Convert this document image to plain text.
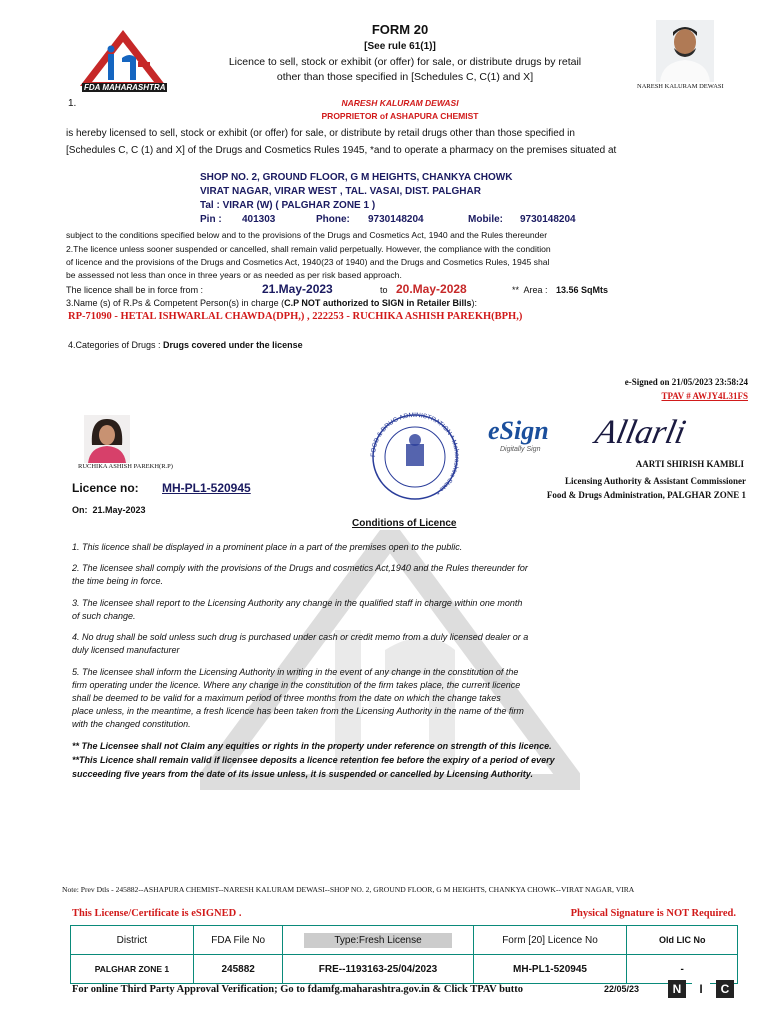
FDA MAHARASHTRA
FORM 20
[See rule 61(1)]
Licence to sell, stock or exhibit (or offer) for sale, or distribute drugs by retail
other than those specified in [Schedules C, C(1) and X]
NARESH KALURAM DEWASI
1.	NARESH KALURAM DEWASI
PROPRIETOR of ASHAPURA CHEMIST
is hereby licensed to sell, stock or exhibit (or offer) for sale, or distribute by retail drugs other than those specified in
[Schedules C, C (1) and X] of the Drugs and Cosmetics Rules 1945, *and to operate a pharmacy on the premises situated at
SHOP NO. 2, GROUND FLOOR, G M HEIGHTS, CHANKYA CHOWK
VIRAT NAGAR, VIRAR WEST , TAL. VASAI, DIST. PALGHAR
Tal : VIRAR (W) ( PALGHAR ZONE 1 )
Pin : 401303	Phone: 9730148204	Mobile: 9730148204
subject to the conditions specified below and to the provisions of the Drugs and Cosmetics Act, 1940 and the Rules thereunder
2.The licence unless sooner suspended or cancelled, shall remain valid perpetually. However, the compliance with the condition
of licence and the provisions of the Drugs and Cosmetics Act, 1940(23 of 1940) and the Drugs and Cosmetics Rules, 1945 shal
be assessed not less than once in three years or as needed as per risk based approach.
The licence shall be in force from :	21.May-2023	to 20.May-2028	**  Area : 13.56 SqMts
3.Name (s) of R.Ps & Competent Person(s) in charge (C.P NOT authorized to SIGN in Retailer Bills):
RP-71090 - HETAL ISHWARLAL CHAWDA(DPH,) , 222253 - RUCHIKA ASHISH PAREKH(BPH,)
4.Categories of Drugs : Drugs covered under the license
e-Signed on 21/05/2023 23:58:24
TPAV # AWJY4L31FS
RUCHIKA ASHISH PAREKH(R.P)
FOOD & DRUG ADMINISTRATION * Maharashtra State *
eSign
Digitally Sign Allarli
AARTI SHIRISH KAMBLI
Licensing Authority & Assistant Commissioner
Food & Drugs Administration, PALGHAR ZONE 1
Licence no: MH-PL1-520945
On: 21.May-2023
Conditions of Licence
1. This licence shall be displayed in a prominent place in a part of the premises open to the public.
2. The licensee shall comply with the provisions of the Drugs and cosmetics Act,1940 and the Rules thereunder for
the time being in force.
3. The licensee shall report to the Licensing Authority any change in the qualified staff in charge within one month
of such change.
4. No drug shall be sold unless such drug is purchased under cash or credit memo from a duly licensed dealer or a
duly licensed manufacturer
5. The licensee shall inform the Licensing Authority in writing in the event of any change in the constitution of the
firm operating under the licence. Where any change in the constitution of the firm takes place, the current licence
shall be deemed to be valid for a maximum period of three months from the date on which the change takes
place unless, in the meantime, a fresh licence has been taken from the Licensing Authority in the name of the firm
with the changed constitution.
** The Licensee shall not Claim any equities or rights in the property under reference on strength of this licence.
**This Licence shall remain valid if licensee deposits a licence retention fee before the expiry of a period of every
succeeding five years from the date of its issue unless, it is suspended or cancelled by Licensing Authority.
Note: Prev Dtls - 245882--ASHAPURA CHEMIST--NARESH KALURAM DEWASI--SHOP NO. 2, GROUND FLOOR, G M HEIGHTS, CHANKYA CHOWK--VIRAT NAGAR, VIRA
This License/Certificate is eSIGNED .	Physical Signature is NOT Required.
District	FDA File No	Type:Fresh License	Form [20] Licence No	Old LIC No
PALGHAR ZONE 1	245882	FRE--1193163-25/04/2023	MH-PL1-520945	-
For online Third Party Approval Verification; Go to fdamfg.maharashtra.gov.in & Click TPAV butto	22/05/23	N	I	C
